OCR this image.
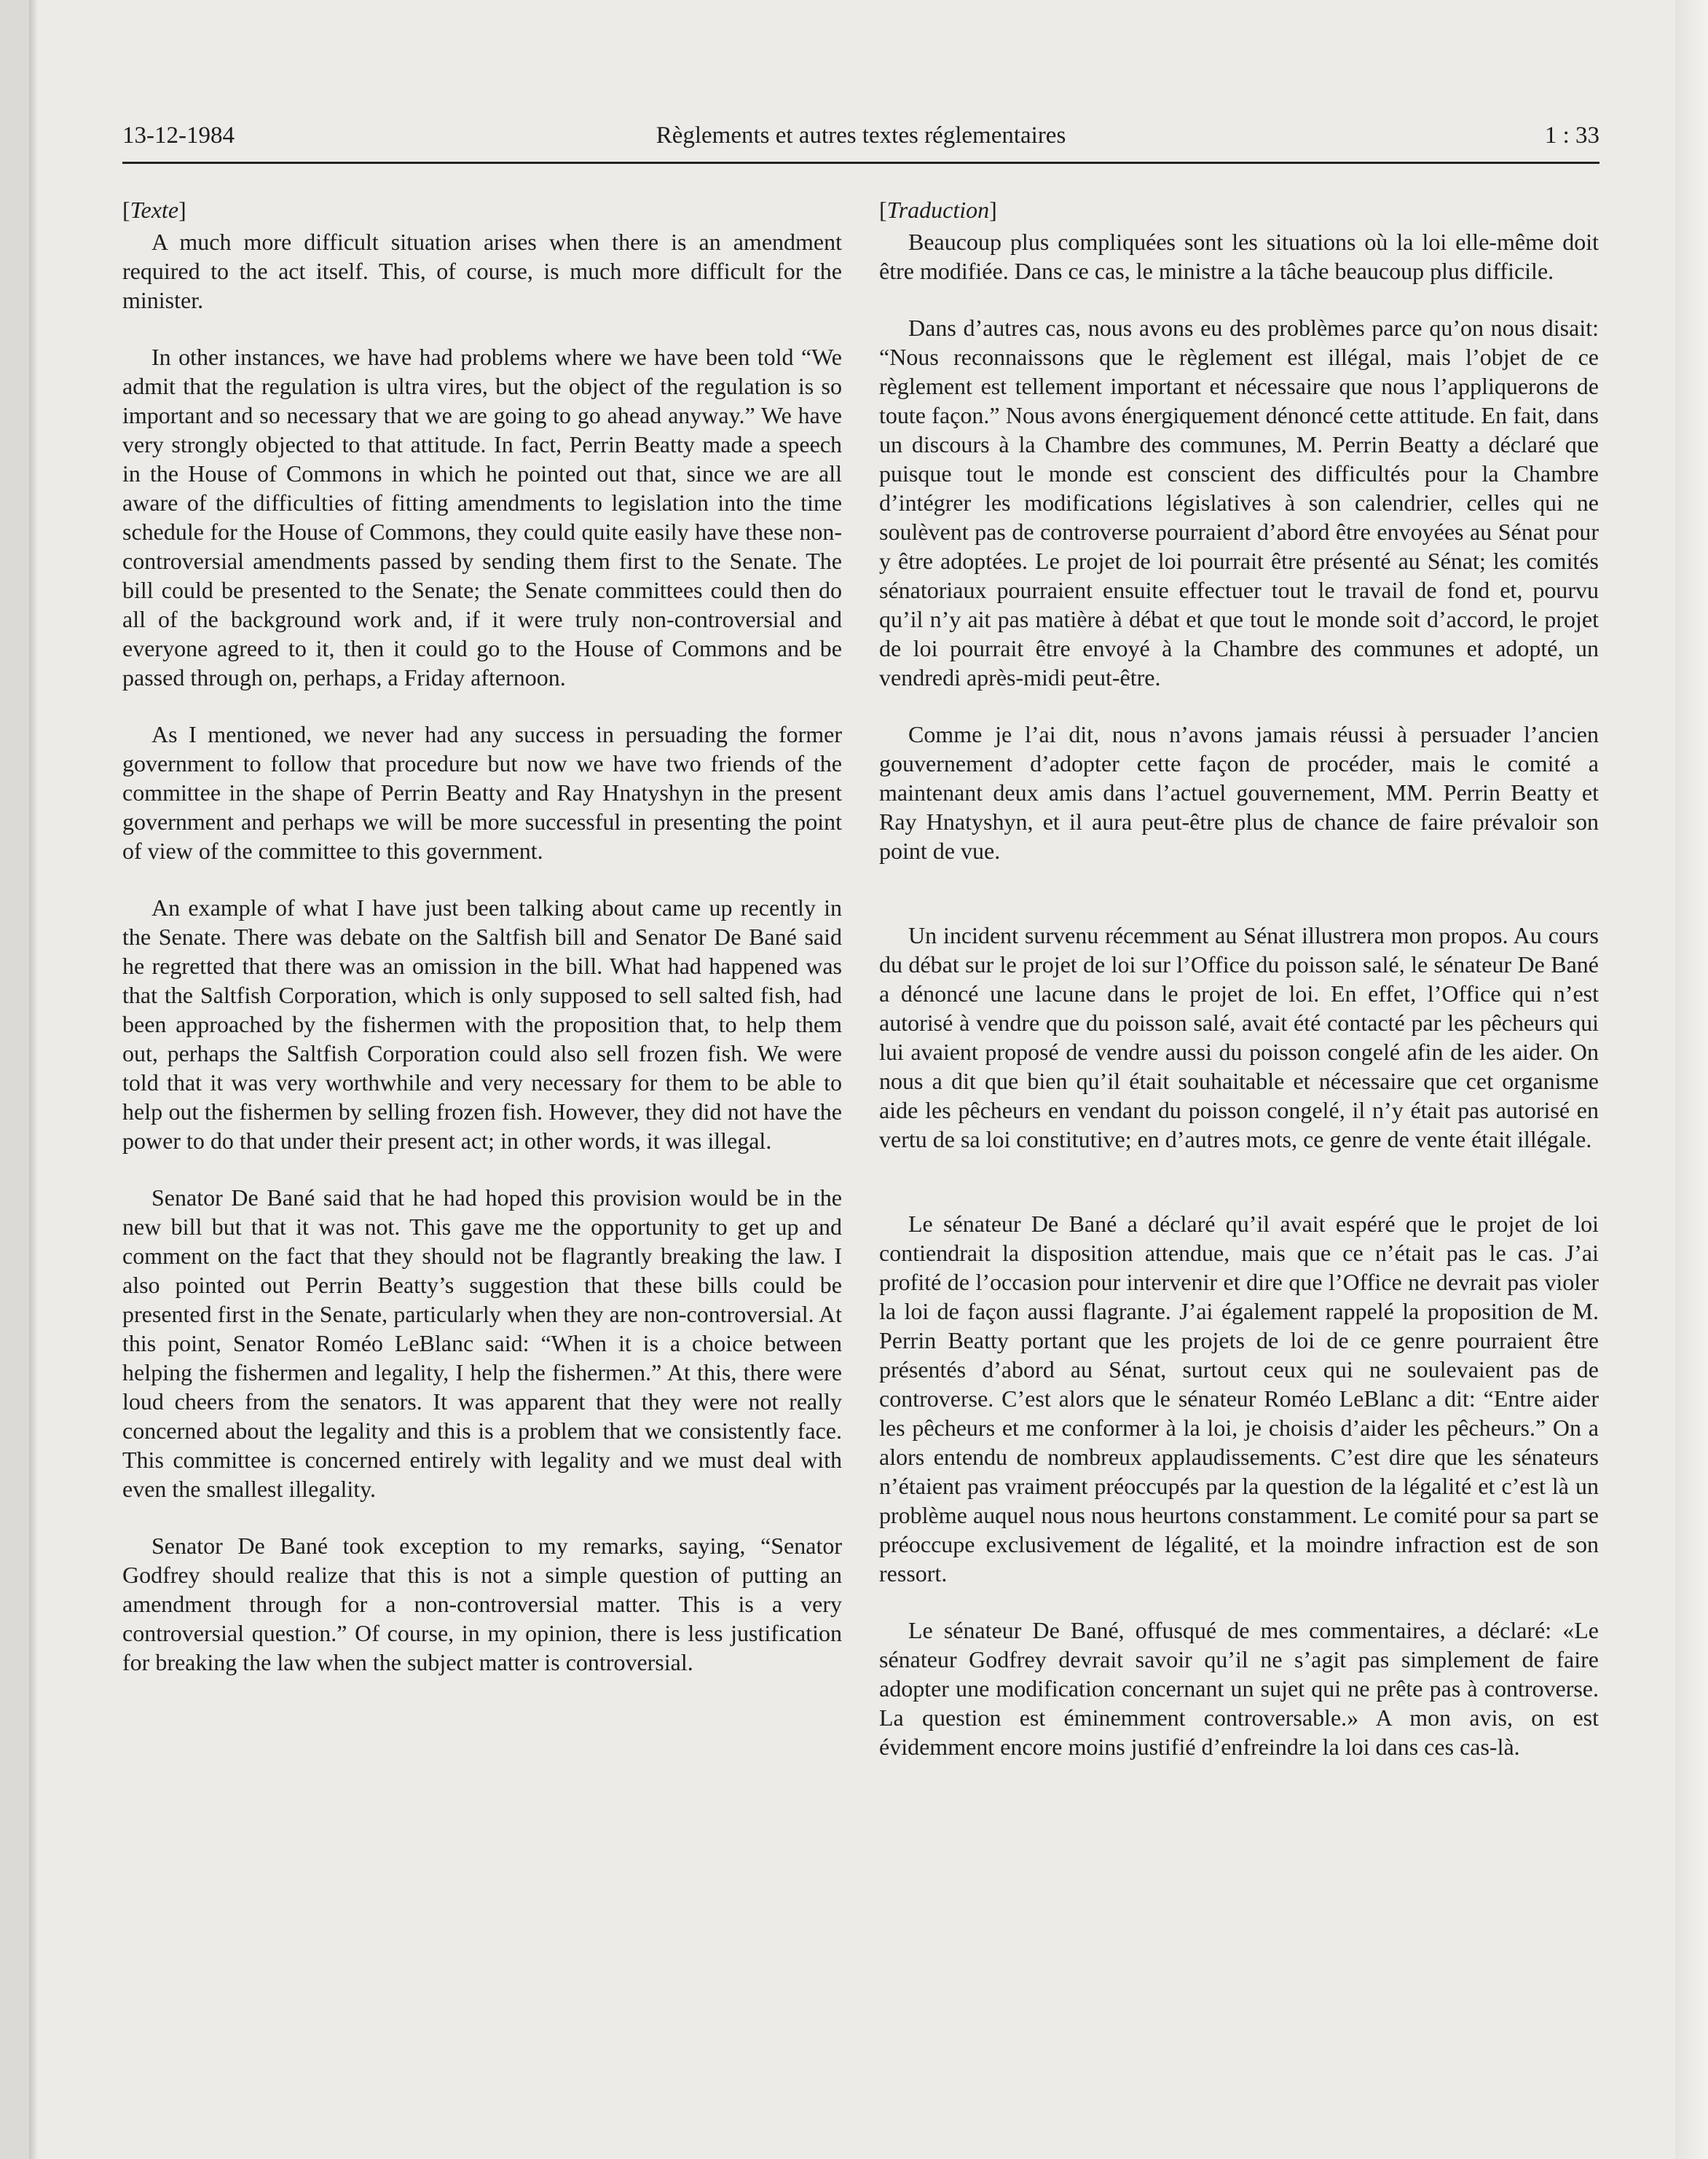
13-12-1984	Règlements et autres textes réglementaires	1 : 33
[Texte]

A much more difficult situation arises when there is an amendment required to the act itself. This, of course, is much more difficult for the minister.

In other instances, we have had problems where we have been told “We admit that the regulation is ultra vires, but the object of the regulation is so important and so necessary that we are going to go ahead anyway.” We have very strongly objected to that attitude. In fact, Perrin Beatty made a speech in the House of Commons in which he pointed out that, since we are all aware of the difficulties of fitting amendments to legislation into the time schedule for the House of Commons, they could quite easily have these non-controversial amendments passed by sending them first to the Senate. The bill could be presented to the Senate; the Senate committees could then do all of the background work and, if it were truly non-controversial and everyone agreed to it, then it could go to the House of Commons and be passed through on, perhaps, a Friday afternoon.

As I mentioned, we never had any success in persuading the former government to follow that procedure but now we have two friends of the committee in the shape of Perrin Beatty and Ray Hnatyshyn in the present government and perhaps we will be more successful in presenting the point of view of the committee to this government.

An example of what I have just been talking about came up recently in the Senate. There was debate on the Saltfish bill and Senator De Bané said he regretted that there was an omission in the bill. What had happened was that the Saltfish Corporation, which is only supposed to sell salted fish, had been approached by the fishermen with the proposition that, to help them out, perhaps the Saltfish Corporation could also sell frozen fish. We were told that it was very worthwhile and very necessary for them to be able to help out the fishermen by selling frozen fish. However, they did not have the power to do that under their present act; in other words, it was illegal.

Senator De Bané said that he had hoped this provision would be in the new bill but that it was not. This gave me the opportunity to get up and comment on the fact that they should not be flagrantly breaking the law. I also pointed out Perrin Beatty’s suggestion that these bills could be presented first in the Senate, particularly when they are non-controversial. At this point, Senator Roméo LeBlanc said: “When it is a choice between helping the fishermen and legality, I help the fishermen.” At this, there were loud cheers from the senators. It was apparent that they were not really concerned about the legality and this is a problem that we consistently face. This committee is concerned entirely with legality and we must deal with even the smallest illegality.

Senator De Bané took exception to my remarks, saying, “Senator Godfrey should realize that this is not a simple question of putting an amendment through for a non-controversial matter. This is a very controversial question.” Of course, in my opinion, there is less justification for breaking the law when the subject matter is controversial.

[Traduction]

Beaucoup plus compliquées sont les situations où la loi elle-même doit être modifiée. Dans ce cas, le ministre a la tâche beaucoup plus difficile.

Dans d’autres cas, nous avons eu des problèmes parce qu’on nous disait: “Nous reconnaissons que le règlement est illégal, mais l’objet de ce règlement est tellement important et nécessaire que nous l’appliquerons de toute façon.” Nous avons énergiquement dénoncé cette attitude. En fait, dans un discours à la Chambre des communes, M. Perrin Beatty a déclaré que puisque tout le monde est conscient des difficultés pour la Chambre d’intégrer les modifications législatives à son calendrier, celles qui ne soulèvent pas de controverse pourraient d’abord être envoyées au Sénat pour y être adoptées. Le projet de loi pourrait être présenté au Sénat; les comités sénatoriaux pourraient ensuite effectuer tout le travail de fond et, pourvu qu’il n’y ait pas matière à débat et que tout le monde soit d’accord, le projet de loi pourrait être envoyé à la Chambre des communes et adopté, un vendredi après-midi peut-être.

Comme je l’ai dit, nous n’avons jamais réussi à persuader l’ancien gouvernement d’adopter cette façon de procéder, mais le comité a maintenant deux amis dans l’actuel gouvernement, MM. Perrin Beatty et Ray Hnatyshyn, et il aura peut-être plus de chance de faire prévaloir son point de vue.

Un incident survenu récemment au Sénat illustrera mon propos. Au cours du débat sur le projet de loi sur l’Office du poisson salé, le sénateur De Bané a dénoncé une lacune dans le projet de loi. En effet, l’Office qui n’est autorisé à vendre que du poisson salé, avait été contacté par les pêcheurs qui lui avaient proposé de vendre aussi du poisson congelé afin de les aider. On nous a dit que bien qu’il était souhaitable et nécessaire que cet organisme aide les pêcheurs en vendant du poisson congelé, il n’y était pas autorisé en vertu de sa loi constitutive; en d’autres mots, ce genre de vente était illégale.

Le sénateur De Bané a déclaré qu’il avait espéré que le projet de loi contiendrait la disposition attendue, mais que ce n’était pas le cas. J’ai profité de l’occasion pour intervenir et dire que l’Office ne devrait pas violer la loi de façon aussi flagrante. J’ai également rappelé la proposition de M. Perrin Beatty portant que les projets de loi de ce genre pourraient être présentés d’abord au Sénat, surtout ceux qui ne soulevaient pas de controverse. C’est alors que le sénateur Roméo LeBlanc a dit: “Entre aider les pêcheurs et me conformer à la loi, je choisis d’aider les pêcheurs.” On a alors entendu de nombreux applaudissements. C’est dire que les sénateurs n’étaient pas vraiment préoccupés par la question de la légalité et c’est là un problème auquel nous nous heurtons constamment. Le comité pour sa part se préoccupe exclusivement de légalité, et la moindre infraction est de son ressort.

Le sénateur De Bané, offusqué de mes commentaires, a déclaré: «Le sénateur Godfrey devrait savoir qu’il ne s’agit pas simplement de faire adopter une modification concernant un sujet qui ne prête pas à controverse. La question est éminemment controversable.» A mon avis, on est évidemment encore moins justifié d’enfreindre la loi dans ces cas-là.
